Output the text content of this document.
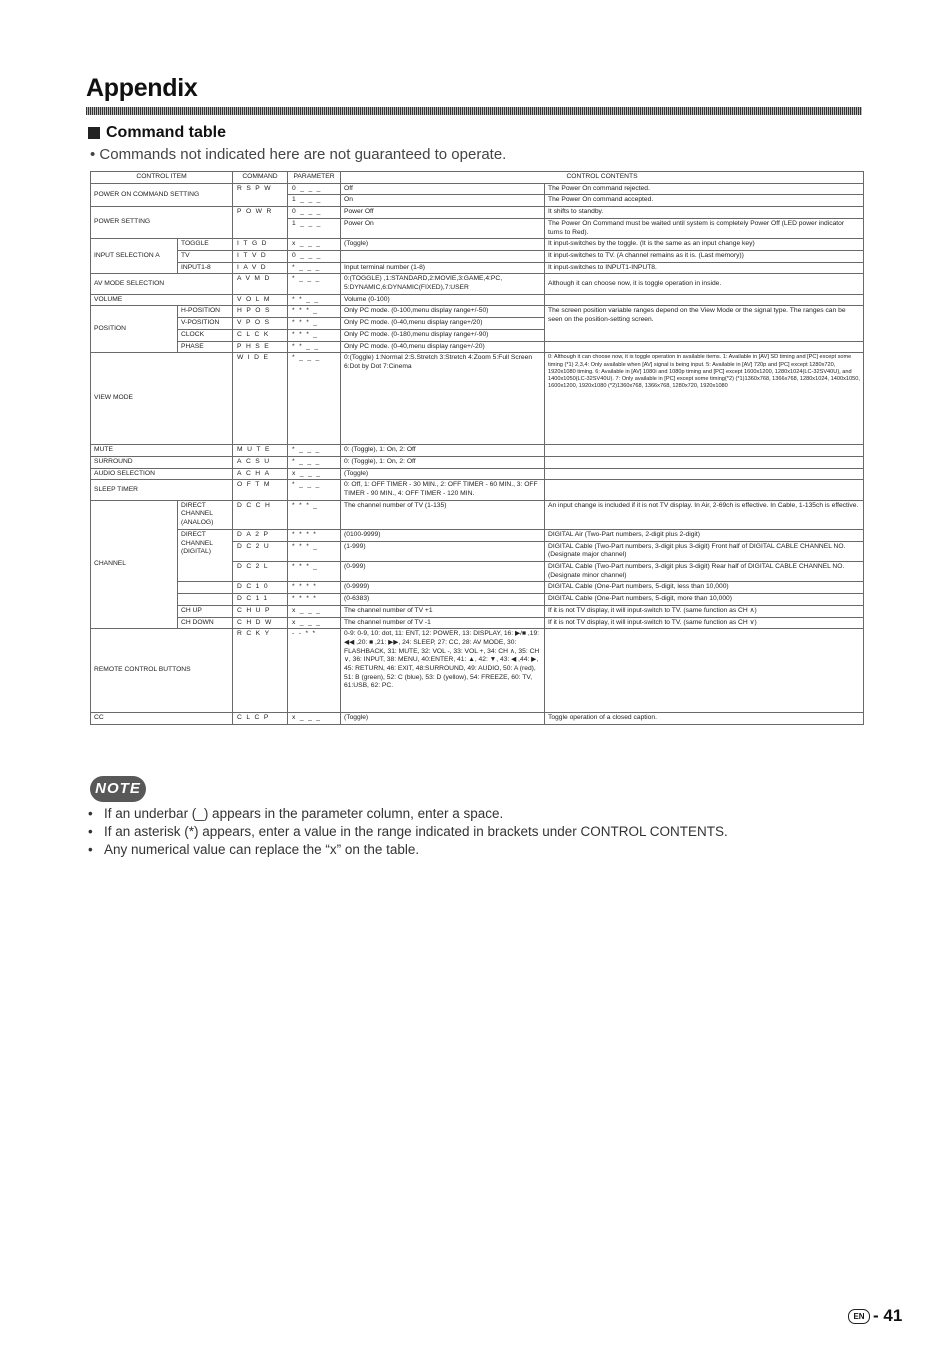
Appendix
Command table
• Commands not indicated here are not guaranteed to operate.
CONTROL ITEM		COMMAND	PARAMETER	CONTROL CONTENTS	
POWER ON COMMAND SETTING		RSPW	0___	Off	The Power On command rejected.
			1___	On	The Power On command accepted.
POWER SETTING		POWR	0___	Power Off	It shifts to standby.
			1___	Power On	The Power On Command must be waited until system is completely Power Off (LED power indicator turns to Red).
INPUT SELECTION A	TOGGLE	ITGD	x___	(Toggle)	It input-switches by the toggle. (It is the same as an input change key)
	TV	ITVD	0___		It input-switches to TV. (A channel remains as it is. (Last memory))
	INPUT1-8	IAVD	*___	Input terminal number (1-8)	It input-switches to INPUT1-INPUT8.
AV MODE SELECTION		AVMD	*___	0:(TOGGLE) ,1:STANDARD,2:MOVIE,3:GAME,4:PC, 5:DYNAMIC,6:DYNAMIC(FIXED),7:USER	Although it can choose now, it is toggle operation in inside.
VOLUME		VOLM	**__	Volume (0-100)	
POSITION	H-POSITION	HPOS	***_	Only PC mode. (0-100,menu display range+/-50)	The screen position variable ranges depend on the View Mode or the signal type. The ranges can be seen on the position-setting screen.
	V-POSITION	VPOS	***_	Only PC mode. (0-40,menu display range+/20)	
	CLOCK	CLCK	***_	Only PC mode. (0-180,menu display range+/-90)	
	PHASE	PHSE	**__	Only PC mode. (0-40,menu display range+/-20)	
VIEW MODE		WIDE	*___	0:(Toggle) 1:Normal 2:S.Stretch 3:Stretch 4:Zoom 5:Full Screen 6:Dot by Dot 7:Cinema	0: Although it can choose now, it is toggle operation in available items. 1: Available in [AV] SD timing and [PC] except some timing (*1) 2,3,4: Only available when [AV] signal is being input. 5: Available in [AV] 720p and [PC] except 1280x720, 1920x1080 timing. 6: Available in [AV] 1080i and 1080p timing and [PC] except 1600x1200, 1280x1024(LC-32SV40U), and 1400x1050(LC-32SV40U). 7: Only available in [PC] except some timing(*2) (*1)1360x768, 1366x768, 1280x1024, 1400x1050, 1600x1200, 1920x1080 (*2)1360x768, 1366x768, 1280x720, 1920x1080
MUTE		MUTE	*___	0: (Toggle), 1: On, 2: Off	
SURROUND		ACSU	*___	0: (Toggle), 1: On, 2: Off	
AUDIO SELECTION		ACHA	x___	(Toggle)	
SLEEP TIMER		OFTM	*___	0: Off, 1: OFF TIMER - 30 MIN., 2: OFF TIMER - 60 MIN., 3: OFF TIMER - 90 MIN., 4: OFF TIMER - 120 MIN.	
CHANNEL	DIRECT CHANNEL (ANALOG)	DCCH	***_	The channel number of TV (1-135)	An input change is included if it is not TV display. In Air, 2-69ch is effective. In Cable, 1-135ch is effective.
	DIRECT CHANNEL (DIGITAL)	DA2P	****	(0100-9999)	DIGITAL Air (Two-Part numbers, 2-digit plus 2-digit)
		DC2U	***_	(1-999)	DIGITAL Cable (Two-Part numbers, 3-digit plus 3-digit) Front half of DIGITAL CABLE CHANNEL NO. (Designate major channel)
		DC2L	***_	(0-999)	DIGITAL Cable (Two-Part numbers, 3-digit plus 3-digit) Rear half of DIGITAL CABLE CHANNEL NO. (Designate minor channel)
		DC10	****	(0-9999)	DIGITAL Cable (One-Part numbers, 5-digit, less than 10,000)
		DC11	****	(0-6383)	DIGITAL Cable (One-Part numbers, 5-digit, more than 10,000)
	CH UP	CHUP	x___	The channel number of TV +1	If it is not TV display, it will input-switch to TV. (same function as CH ∧)
	CH DOWN	CHDW	x___	The channel number of TV -1	If it is not TV display, it will input-switch to TV. (same function as CH ∨)
REMOTE CONTROL BUTTONS		RCKY	--**	0-9: 0-9, 10: dot, 11: ENT, 12: POWER, 13: DISPLAY, 16: ▶/■ ,19: ◀◀ ,20: ■ ,21: ▶▶, 24: SLEEP, 27: CC, 28: AV MODE, 30: FLASHBACK, 31: MUTE, 32: VOL -, 33: VOL +, 34: CH ∧, 35: CH ∨, 36: INPUT, 38: MENU, 40:ENTER, 41: ▲, 42: ▼, 43: ◀ ,44: ▶, 45: RETURN, 46: EXIT, 48:SURROUND, 49: AUDIO, 50: A (red), 51: B (green), 52: C (blue), 53: D (yellow), 54: FREEZE, 60: TV, 61:USB, 62: PC.	
CC		CLCP	x___	(Toggle)	Toggle operation of a closed caption.
NOTE
• If an underbar (_) appears in the parameter column, enter a space.
• If an asterisk (*) appears, enter a value in the range indicated in brackets under CONTROL CONTENTS.
• Any numerical value can replace the “x” on the table.
EN - 41
